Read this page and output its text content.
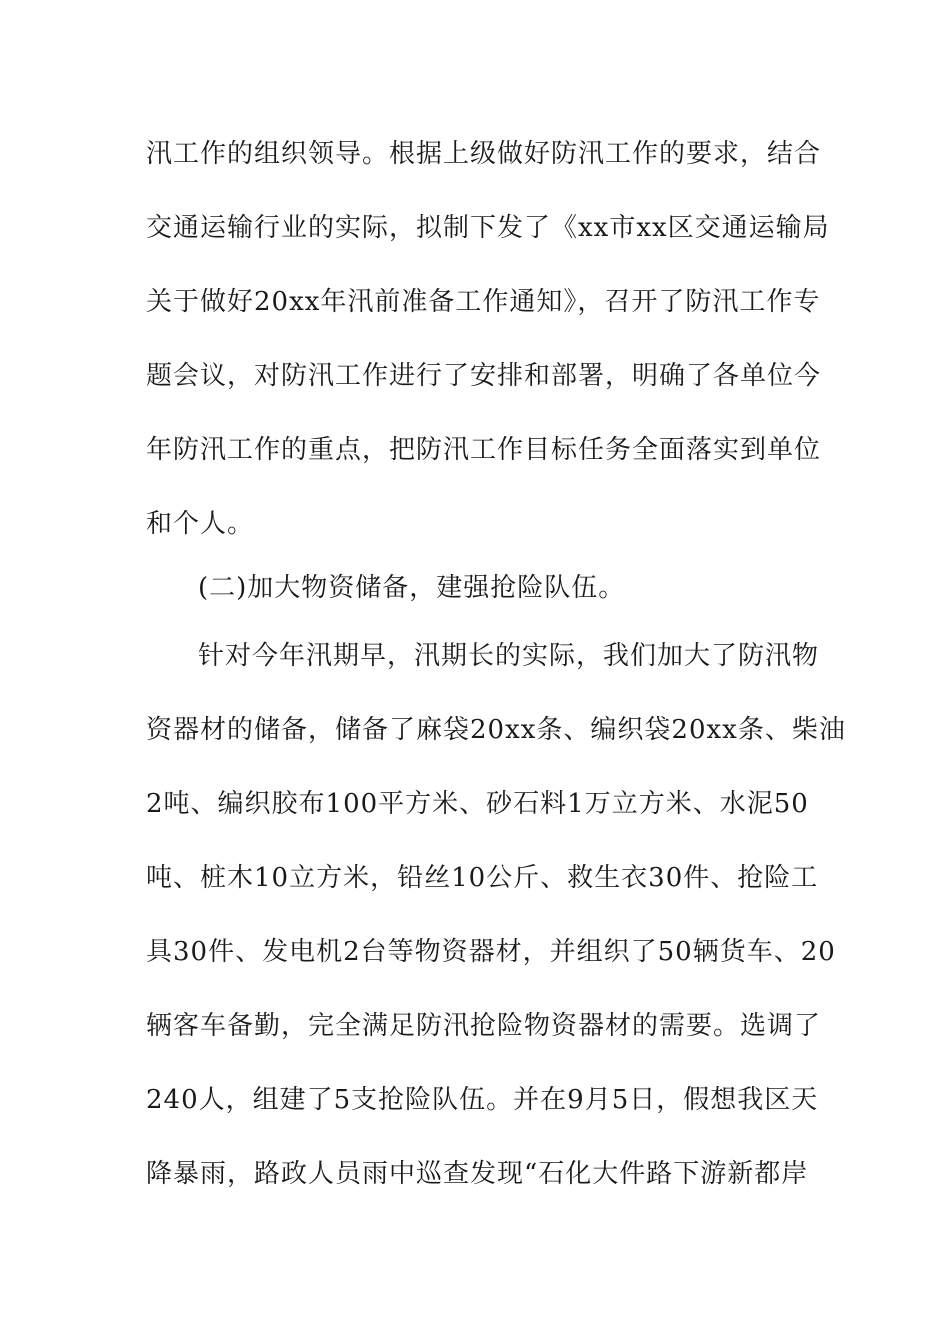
汛工作的组织领导。根据上级做好防汛工作的要求，结合

交通运输行业的实际，拟制下发了《xx市xx区交通运输局

关于做好20xx年汛前准备工作通知》，召开了防汛工作专

题会议，对防汛工作进行了安排和部署，明确了各单位今

年防汛工作的重点，把防汛工作目标任务全面落实到单位

和个人。

(二)加大物资储备，建强抢险队伍。

针对今年汛期早，汛期长的实际，我们加大了防汛物

资器材的储备，储备了麻袋20xx条、编织袋20xx条、柴油

2吨、编织胶布100平方米、砂石料1万立方米、水泥50

吨、桩木10立方米，铅丝10公斤、救生衣30件、抢险工

具30件、发电机2台等物资器材，并组织了50辆货车、20

辆客车备勤，完全满足防汛抢险物资器材的需要。选调了

240人，组建了5支抢险队伍。并在9月5日，假想我区天

降暴雨，路政人员雨中巡查发现“石化大件路下游新都岸
